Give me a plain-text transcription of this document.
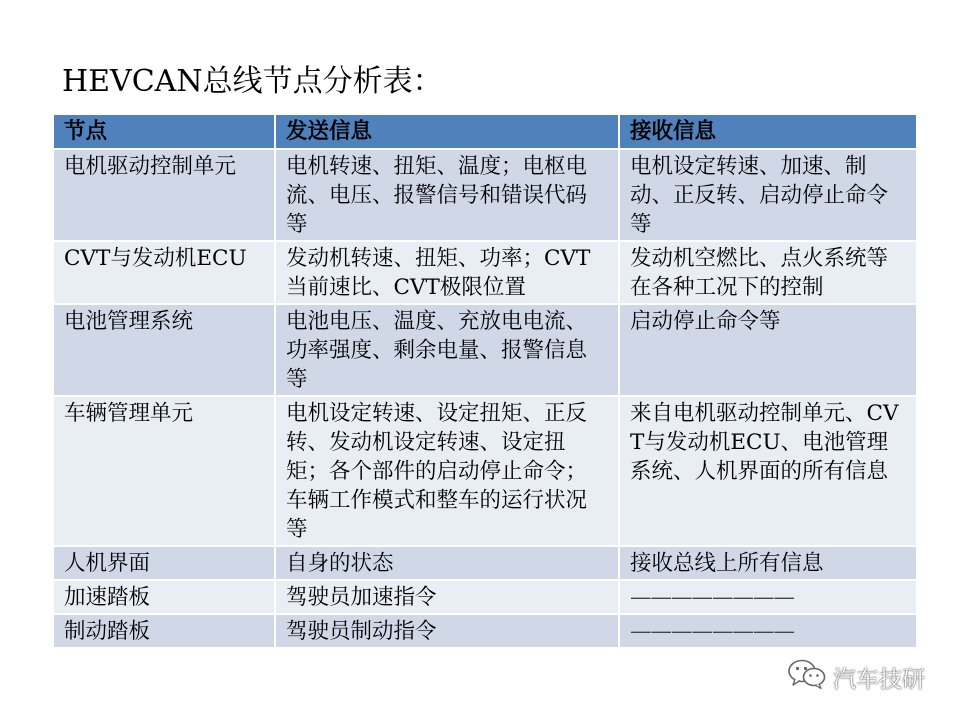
HEVCAN总线节点分析表：
节点	发送信息	接收信息
电机驱动控制单元	电机转速、扭矩、温度；电枢电流、电压、报警信号和错误代码等	电机设定转速、加速、制动、正反转、启动停止命令等
CVT与发动机ECU	发动机转速、扭矩、功率；CVT当前速比、CVT极限位置	发动机空燃比、点火系统等在各种工况下的控制
电池管理系统	电池电压、温度、充放电电流、功率强度、剩余电量、报警信息等	启动停止命令等
车辆管理单元	电机设定转速、设定扭矩、正反转、发动机设定转速、设定扭矩；各个部件的启动停止命令；车辆工作模式和整车的运行状况等	来自电机驱动控制单元、CVT与发动机ECU、电池管理系统、人机界面的所有信息
人机界面	自身的状态	接收总线上所有信息
加速踏板	驾驶员加速指令	————————
制动踏板	驾驶员制动指令	————————
汽车技研
